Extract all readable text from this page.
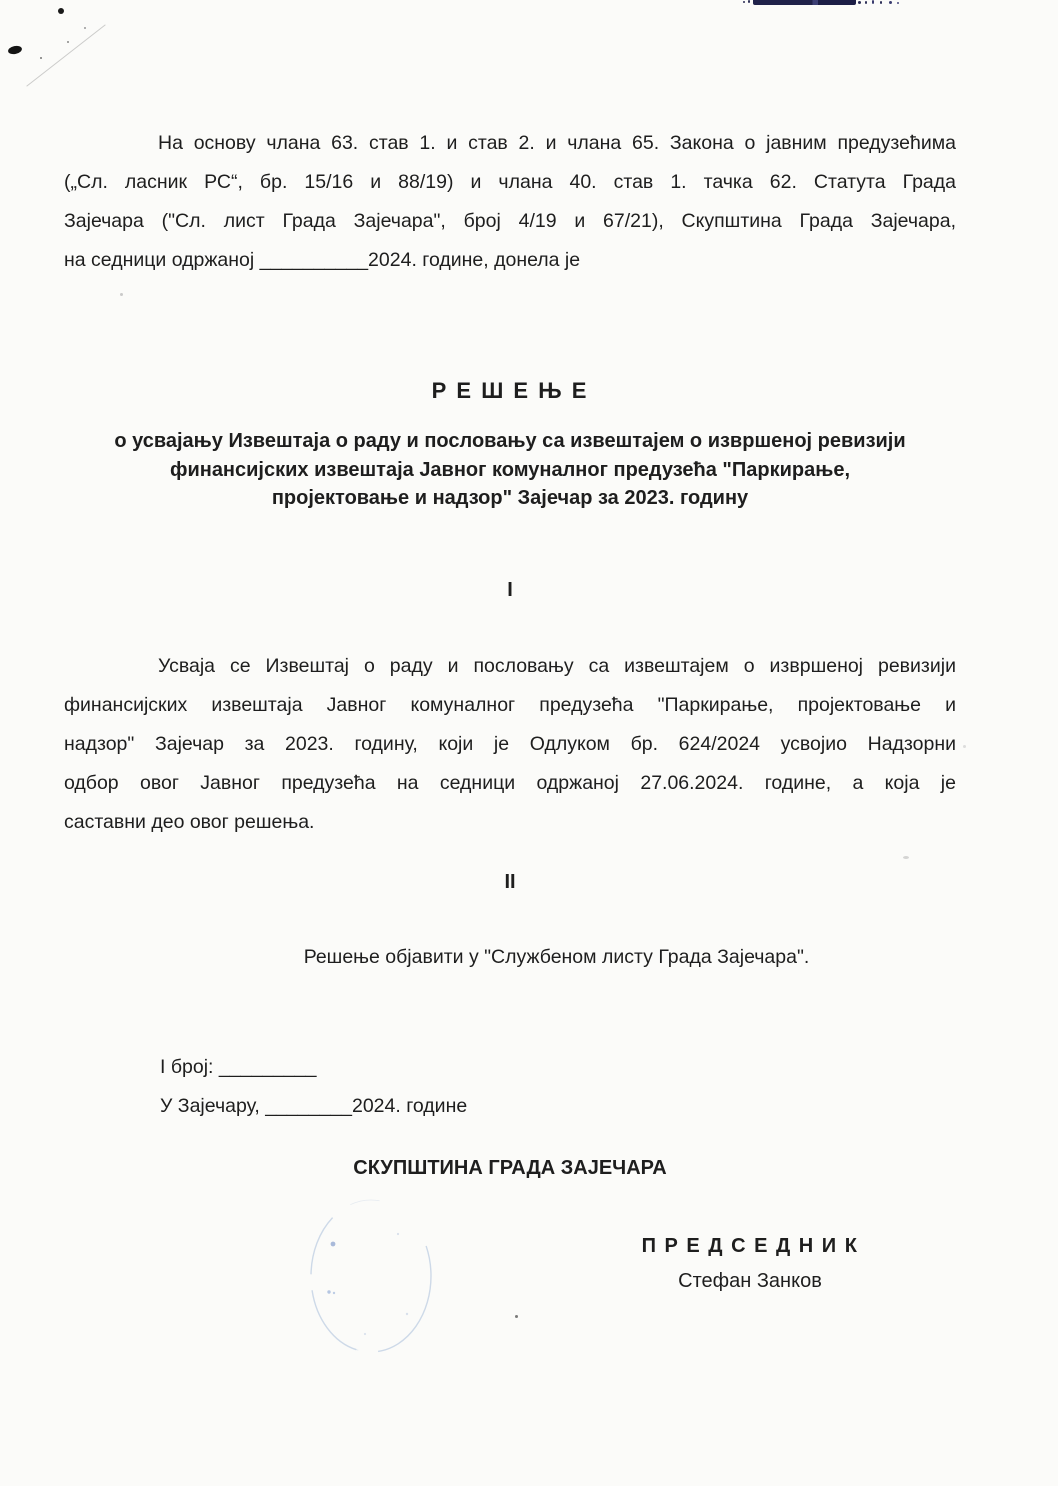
На основу члана 63. став 1. и став 2. и члана 65. Закона о јавним предузећима
(„Сл. ласник РС“, бр. 15/16 и 88/19) и члана 40. став 1. тачка 62. Статута Града
Зајечара ("Сл. лист Града Зајечара", број 4/19 и 67/21), Скупштина Града Зајечара,
на седници одржаној __________2024. године, донела је
Р Е Ш Е Њ Е
о усвајању Извештаја о раду и пословању са извештајем о извршеној ревизији
финансијских извештаја Јавног комуналног предузећа "Паркирање,
пројектовање и надзор" Зајечар за 2023. годину
I
Усваја се Извештај о раду и пословању са извештајем о извршеној ревизији
финансијских извештаја Јавног комуналног предузећа "Паркирање, пројектовање и
надзор" Зајечар за 2023. годину, који је Одлуком бр. 624/2024 усвојио Надзорни
одбор овог Јавног предузећа на седници одржаној 27.06.2024. године, а која је
саставни део овог решења.
II
Решење објавити у "Службеном листу Града Зајечара".
I број: _________
У Зајечару, ________2024. године
СКУПШТИНА ГРАДА ЗАЈЕЧАРА
П Р Е Д С Е Д Н И К
Стефан Занков
